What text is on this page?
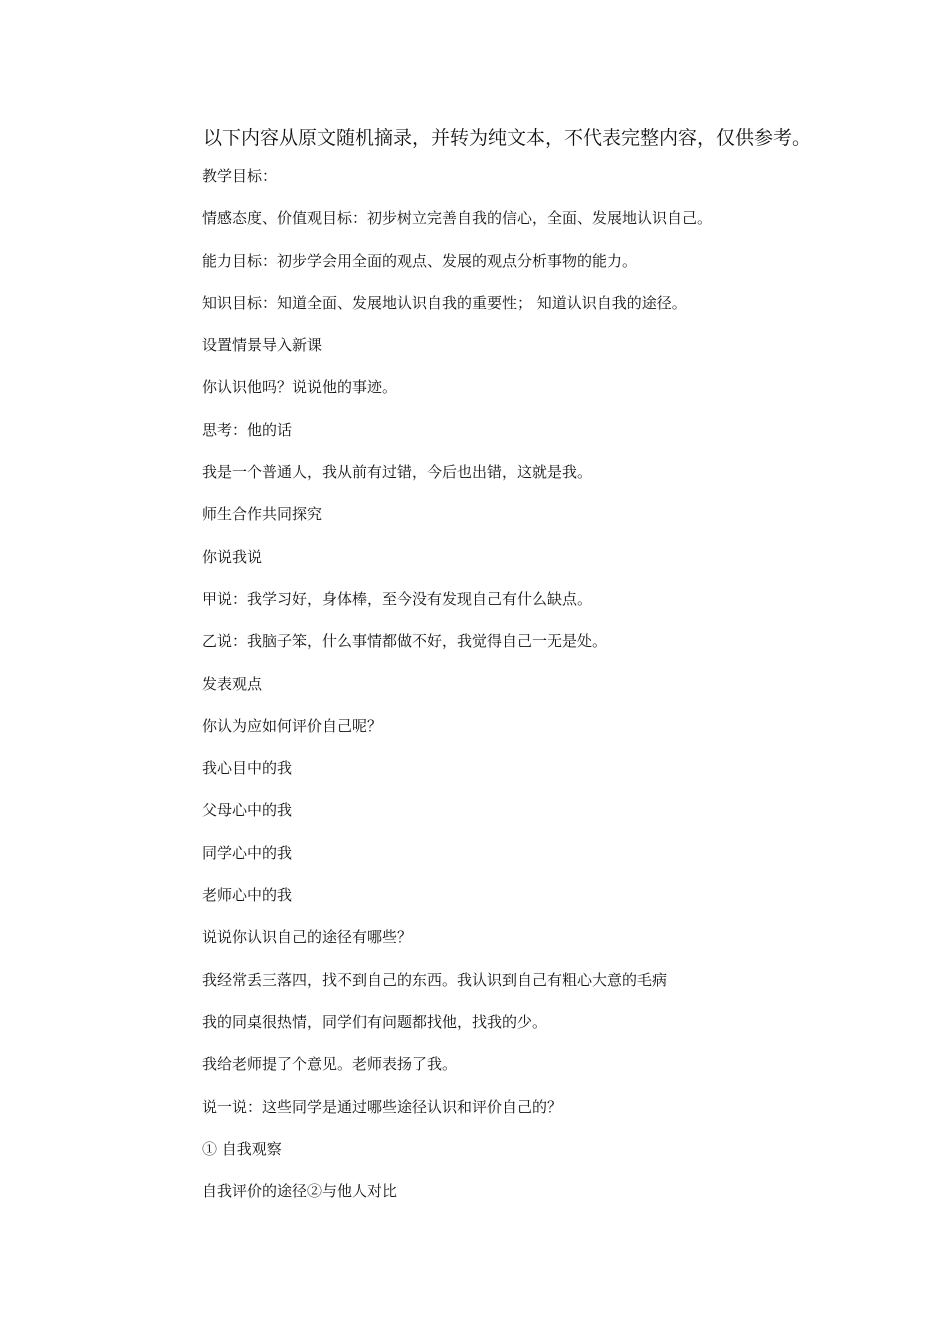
以下内容从原文随机摘录，并转为纯文本，不代表完整内容，仅供参考。
教学目标：
情感态度、价值观目标：初步树立完善自我的信心，全面、发展地认识自己。
能力目标：初步学会用全面的观点、发展的观点分析事物的能力。
知识目标：知道全面、发展地认识自我的重要性； 知道认识自我的途径。
设置情景导入新课
你认识他吗？说说他的事迹。
思考：他的话
我是一个普通人，我从前有过错，今后也出错，这就是我。
师生合作共同探究
你说我说
甲说：我学习好，身体棒，至今没有发现自己有什么缺点。
乙说：我脑子笨，什么事情都做不好，我觉得自己一无是处。
发表观点
你认为应如何评价自己呢？
我心目中的我
父母心中的我
同学心中的我
老师心中的我
说说你认识自己的途径有哪些？
我经常丢三落四，找不到自己的东西。我认识到自己有粗心大意的毛病
我的同桌很热情，同学们有问题都找他，找我的少。
我给老师提了个意见。老师表扬了我。
说一说：这些同学是通过哪些途径认识和评价自己的？
① 自我观察
自我评价的途径②与他人对比
